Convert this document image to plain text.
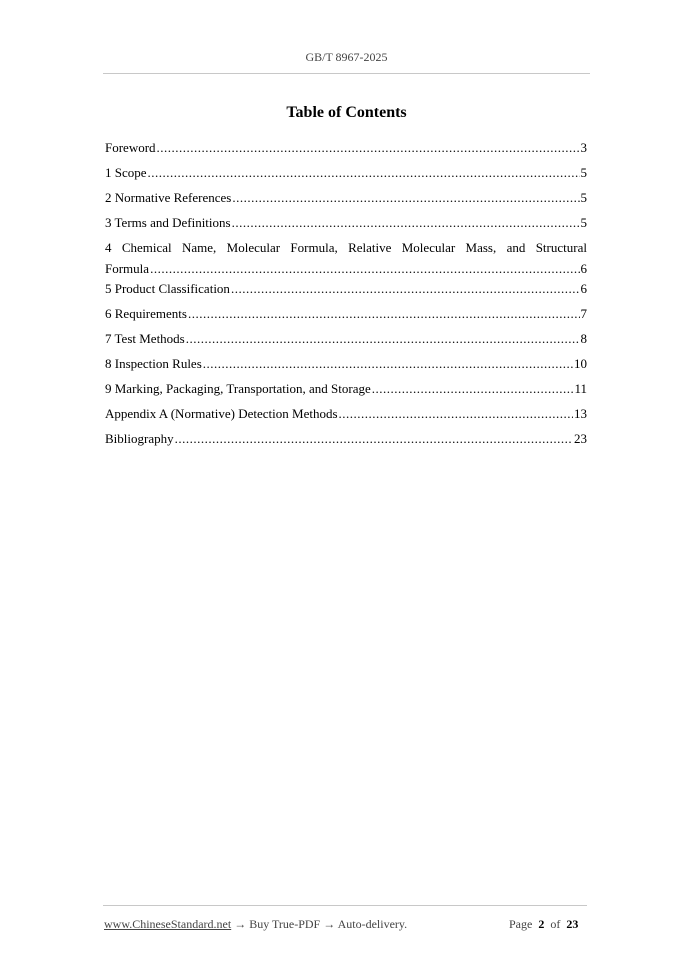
GB/T 8967-2025
Table of Contents
Foreword .....	3
1 Scope .....	5
2 Normative References .....	5
3 Terms and Definitions .....	5
4 Chemical Name, Molecular Formula, Relative Molecular Mass, and Structural
Formula .....	6
5 Product Classification .....	6
6 Requirements .....	7
7 Test Methods .....	8
8 Inspection Rules .....	10
9 Marking, Packaging, Transportation, and Storage .....	11
Appendix A (Normative) Detection Methods .....	13
Bibliography .....	23
www.ChineseStandard.net → Buy True-PDF → Auto-delivery.	Page 2 of 23
